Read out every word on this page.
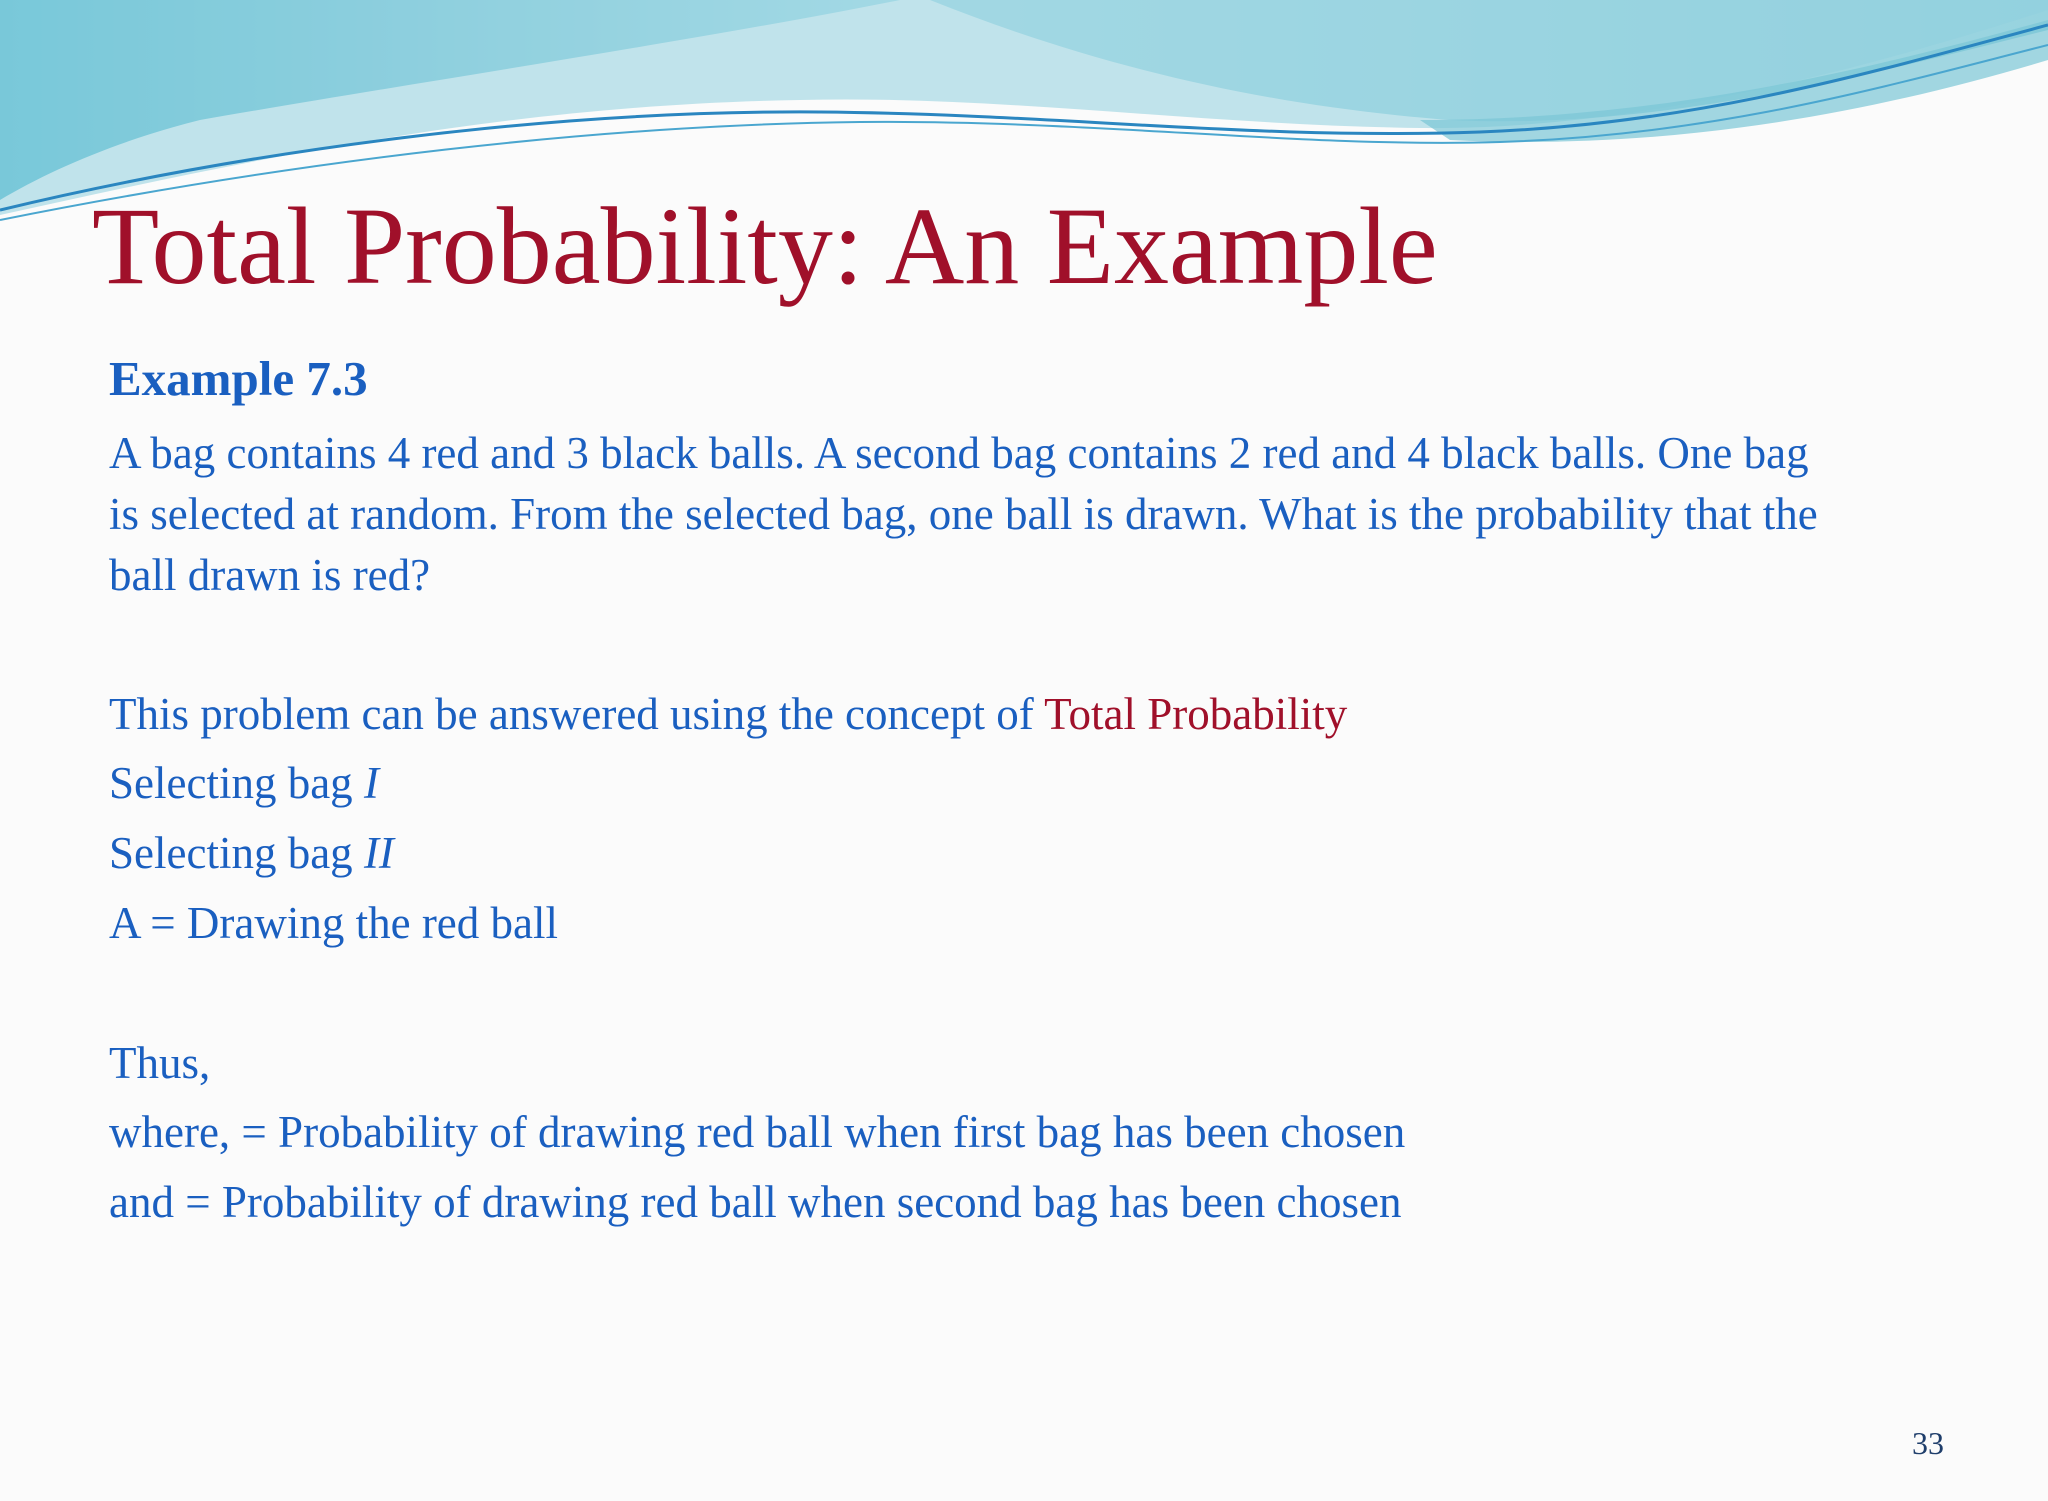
Total Probability: An Example
Example 7.3
A bag contains 4 red and 3 black balls. A second bag contains 2 red and 4 black balls. One bag is selected at random. From the selected bag, one ball is drawn. What is the probability that the ball drawn is red?
This problem can be answered using the concept of Total Probability
Selecting bag I
Selecting bag II
A = Drawing the red ball
Thus,
where, = Probability of drawing red ball when first bag has been chosen
and = Probability of drawing red ball when second bag has been chosen
33
